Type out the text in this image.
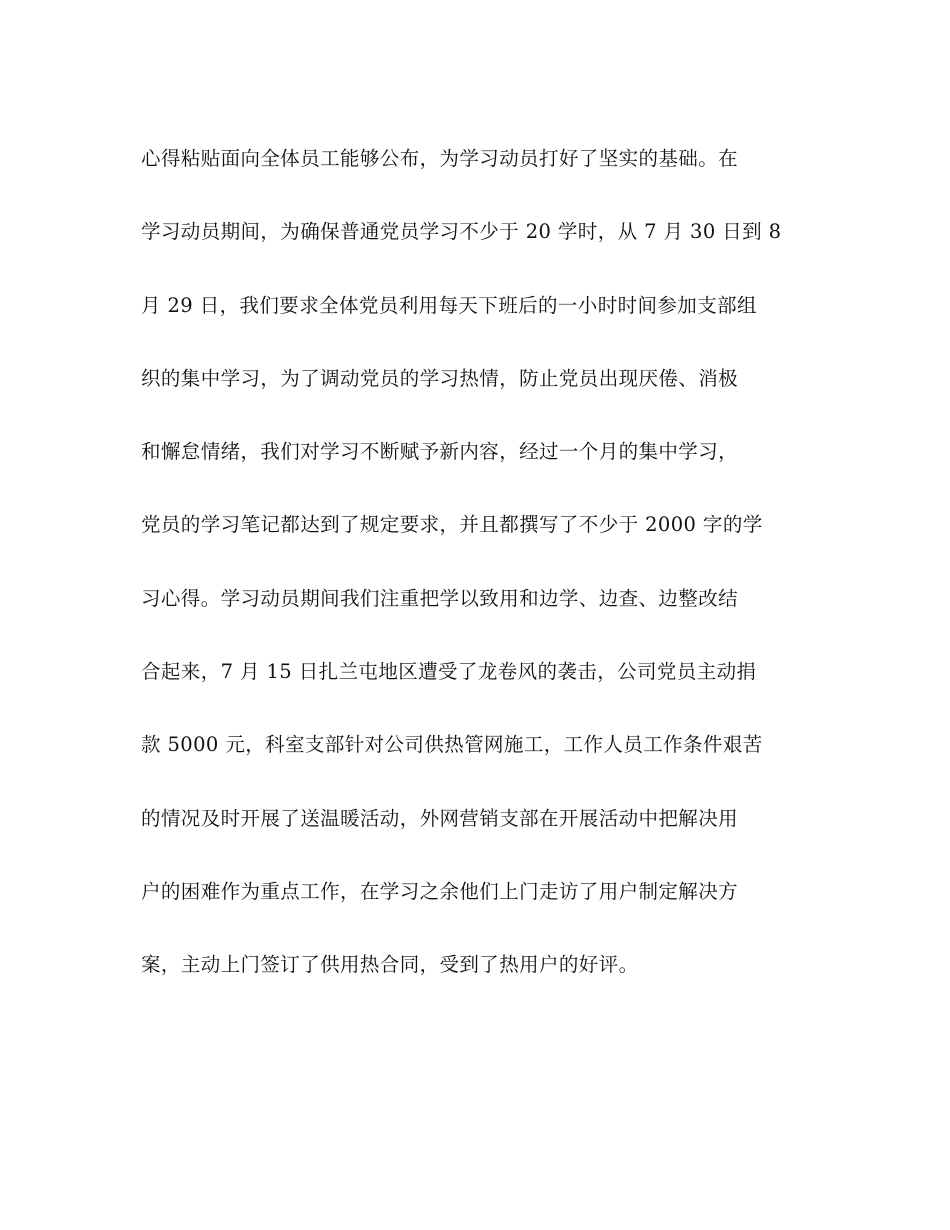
心得粘贴面向全体员工能够公布，为学习动员打好了坚实的基础。在
学习动员期间，为确保普通党员学习不少于 20 学时，从 7 月 30 日到 8
月 29 日，我们要求全体党员利用每天下班后的一小时时间参加支部组
织的集中学习，为了调动党员的学习热情，防止党员出现厌倦、消极
和懈怠情绪，我们对学习不断赋予新内容，经过一个月的集中学习，
党员的学习笔记都达到了规定要求，并且都撰写了不少于 2000 字的学
习心得。学习动员期间我们注重把学以致用和边学、边查、边整改结
合起来，7 月 15 日扎兰屯地区遭受了龙卷风的袭击，公司党员主动捐
款 5000 元，科室支部针对公司供热管网施工，工作人员工作条件艰苦
的情况及时开展了送温暖活动，外网营销支部在开展活动中把解决用
户的困难作为重点工作，在学习之余他们上门走访了用户制定解决方
案，主动上门签订了供用热合同，受到了热用户的好评。
